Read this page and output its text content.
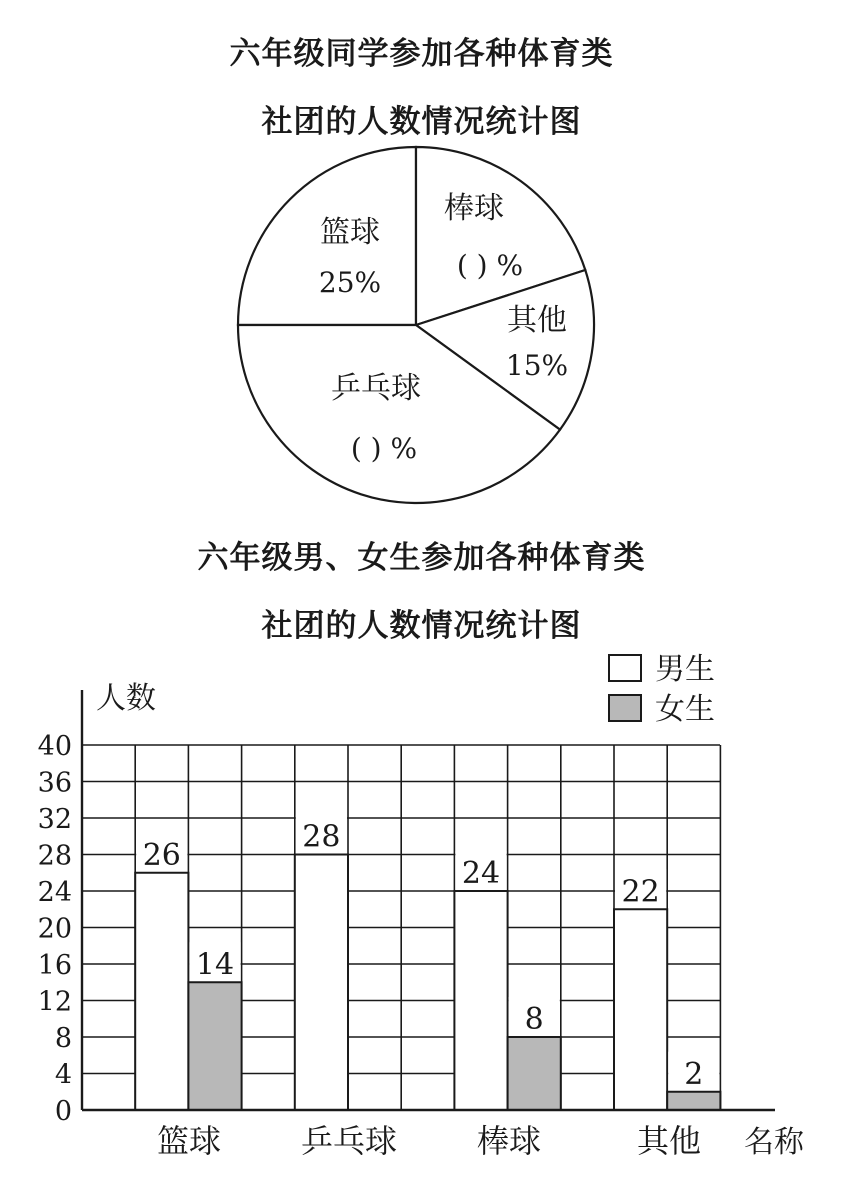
六年级同学参加各种体育类
社团的人数情况统计图
六年级男、女生参加各种体育类
社团的人数情况统计图
篮球
25%
棒球
( ) %
其他
15%
乒乓球
( ) %
26
14
28
24
8
22
2
0
4
8
12
16
20
24
28
32
36
40
篮球 乒乓球 棒球	其他
人数
名称
男生
女生
